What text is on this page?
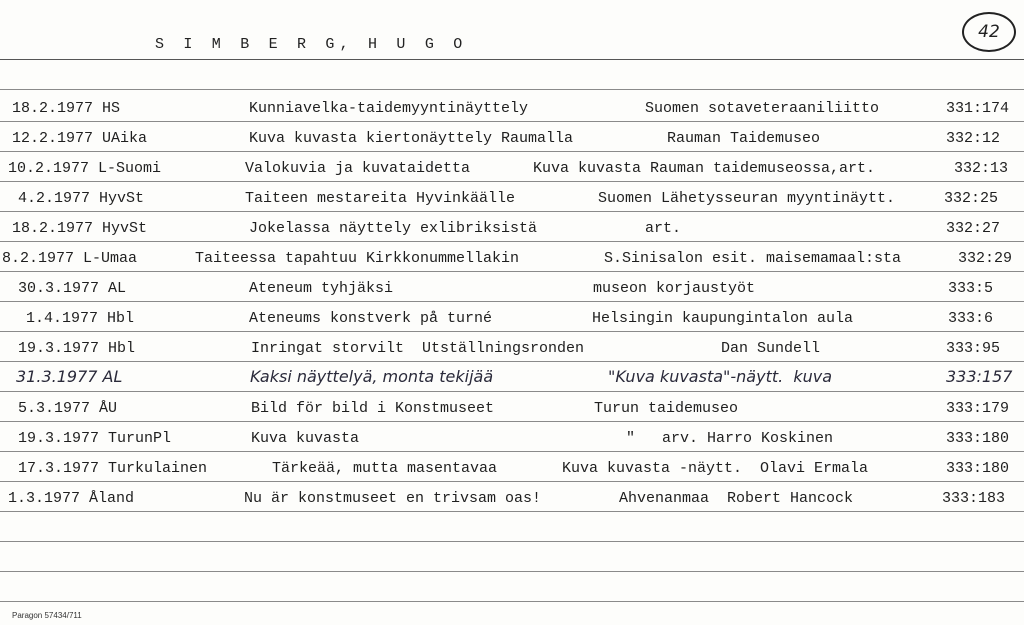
S I M B E R G, H U G O
42
18.2.1977 HS	Kunniavelka-taidemyyntinäyttely	Suomen sotaveteraaniliitto	331:174
12.2.1977 UAika	Kuva kuvasta kiertonäyttely Raumalla	Rauman Taidemuseo	332:12
10.2.1977 L-Suomi	Valokuvia ja kuvataidetta	Kuva kuvasta Rauman taidemuseossa,art.	332:13
4.2.1977 HyvSt	Taiteen mestareita Hyvinkäälle	Suomen Lähetysseuran myyntinäytt.	332:25
18.2.1977 HyvSt	Jokelassa näyttely exlibriksistä	art.	332:27
8.2.1977 L-Umaa	Taiteessa tapahtuu Kirkkonummellakin	S.Sinisalon esit. maisemamaal:sta	332:29
30.3.1977 AL	Ateneum tyhjäksi	museon korjaustyöt	333:5
1.4.1977 Hbl	Ateneums konstverk på turné	Helsingin kaupungintalon aula	333:6
19.3.1977 Hbl	Inringat storvilt  Utställningsronden	Dan Sundell	333:95
31.3.1977 AL	Kaksi näyttelyä, monta tekijää	"Kuva kuvasta"-näytt.  kuva	333:157
5.3.1977 ÅU	Bild för bild i Konstmuseet	Turun taidemuseo	333:179
19.3.1977 TurunPl	Kuva kuvasta	"   arv. Harro Koskinen	333:180
17.3.1977 Turkulainen	Tärkeää, mutta masentavaa	Kuva kuvasta -näytt.  Olavi Ermala	333:180
1.3.1977 Åland	Nu är konstmuseet en trivsam oas!	Ahvenanmaa  Robert Hancock	333:183
Paragon 57434/711
